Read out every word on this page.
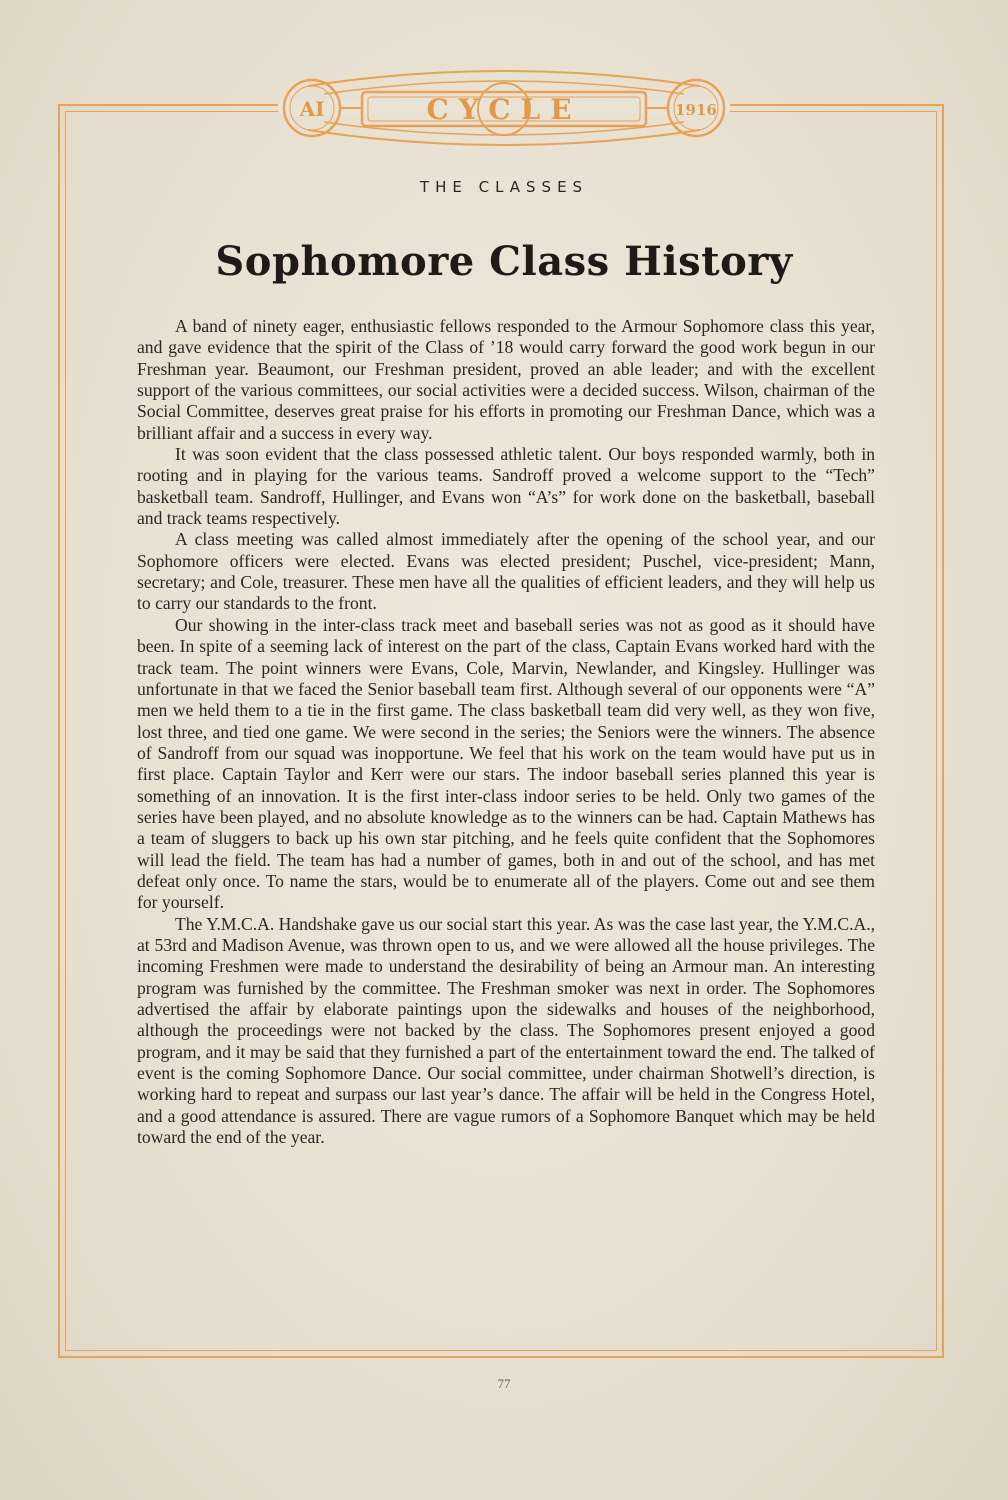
AI	CYCLE	1916
THE CLASSES
Sophomore Class History

A band of ninety eager, enthusiastic fellows responded to the Armour Sophomore class this year, and gave evidence that the spirit of the Class of ’18 would carry forward the good work begun in our Freshman year. Beaumont, our Freshman president, proved an able leader; and with the excellent support of the various committees, our social activities were a decided success. Wilson, chairman of the Social Committee, deserves great praise for his efforts in promoting our Freshman Dance, which was a brilliant affair and a success in every way.

It was soon evident that the class possessed athletic talent. Our boys responded warmly, both in rooting and in playing for the various teams. Sandroff proved a welcome support to the “Tech” basketball team. Sandroff, Hullinger, and Evans won “A’s” for work done on the basketball, baseball and track teams respectively.

A class meeting was called almost immediately after the opening of the school year, and our Sophomore officers were elected. Evans was elected president; Puschel, vice-president; Mann, secretary; and Cole, treasurer. These men have all the qualities of efficient leaders, and they will help us to carry our standards to the front.

Our showing in the inter-class track meet and baseball series was not as good as it should have been. In spite of a seeming lack of interest on the part of the class, Captain Evans worked hard with the track team. The point winners were Evans, Cole, Marvin, Newlander, and Kingsley. Hullinger was unfortunate in that we faced the Senior baseball team first. Although several of our opponents were “A” men we held them to a tie in the first game. The class basketball team did very well, as they won five, lost three, and tied one game. We were second in the series; the Seniors were the winners. The absence of Sandroff from our squad was inopportune. We feel that his work on the team would have put us in first place. Captain Taylor and Kerr were our stars. The indoor baseball series planned this year is something of an innovation. It is the first inter-class indoor series to be held. Only two games of the series have been played, and no absolute knowledge as to the winners can be had. Captain Mathews has a team of sluggers to back up his own star pitching, and he feels quite confident that the Sophomores will lead the field. The team has had a number of games, both in and out of the school, and has met defeat only once. To name the stars, would be to enumerate all of the players. Come out and see them for yourself.

The Y.M.C.A. Handshake gave us our social start this year. As was the case last year, the Y.M.C.A., at 53rd and Madison Avenue, was thrown open to us, and we were allowed all the house privileges. The incoming Freshmen were made to understand the desirability of being an Armour man. An interesting program was furnished by the committee. The Freshman smoker was next in order. The Sophomores advertised the affair by elaborate paintings upon the sidewalks and houses of the neighborhood, although the proceedings were not backed by the class. The Sophomores present enjoyed a good program, and it may be said that they furnished a part of the entertainment toward the end. The talked of event is the coming Sophomore Dance. Our social committee, under chairman Shotwell’s direction, is working hard to repeat and surpass our last year’s dance. The affair will be held in the Congress Hotel, and a good attendance is assured. There are vague rumors of a Sophomore Banquet which may be held toward the end of the year.

77
